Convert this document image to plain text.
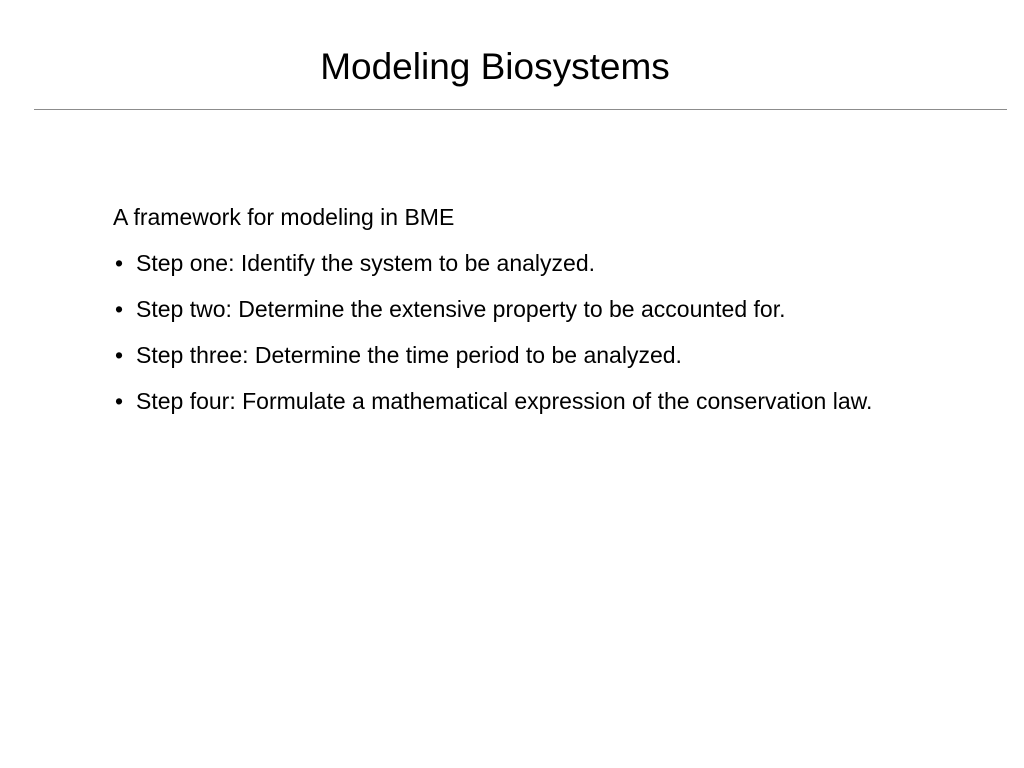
Modeling Biosystems

A framework for modeling in BME

• Step one: Identify the system to be analyzed.
• Step two: Determine the extensive property to be accounted for.
• Step three: Determine the time period to be analyzed.
• Step four: Formulate a mathematical expression of the conservation law.
